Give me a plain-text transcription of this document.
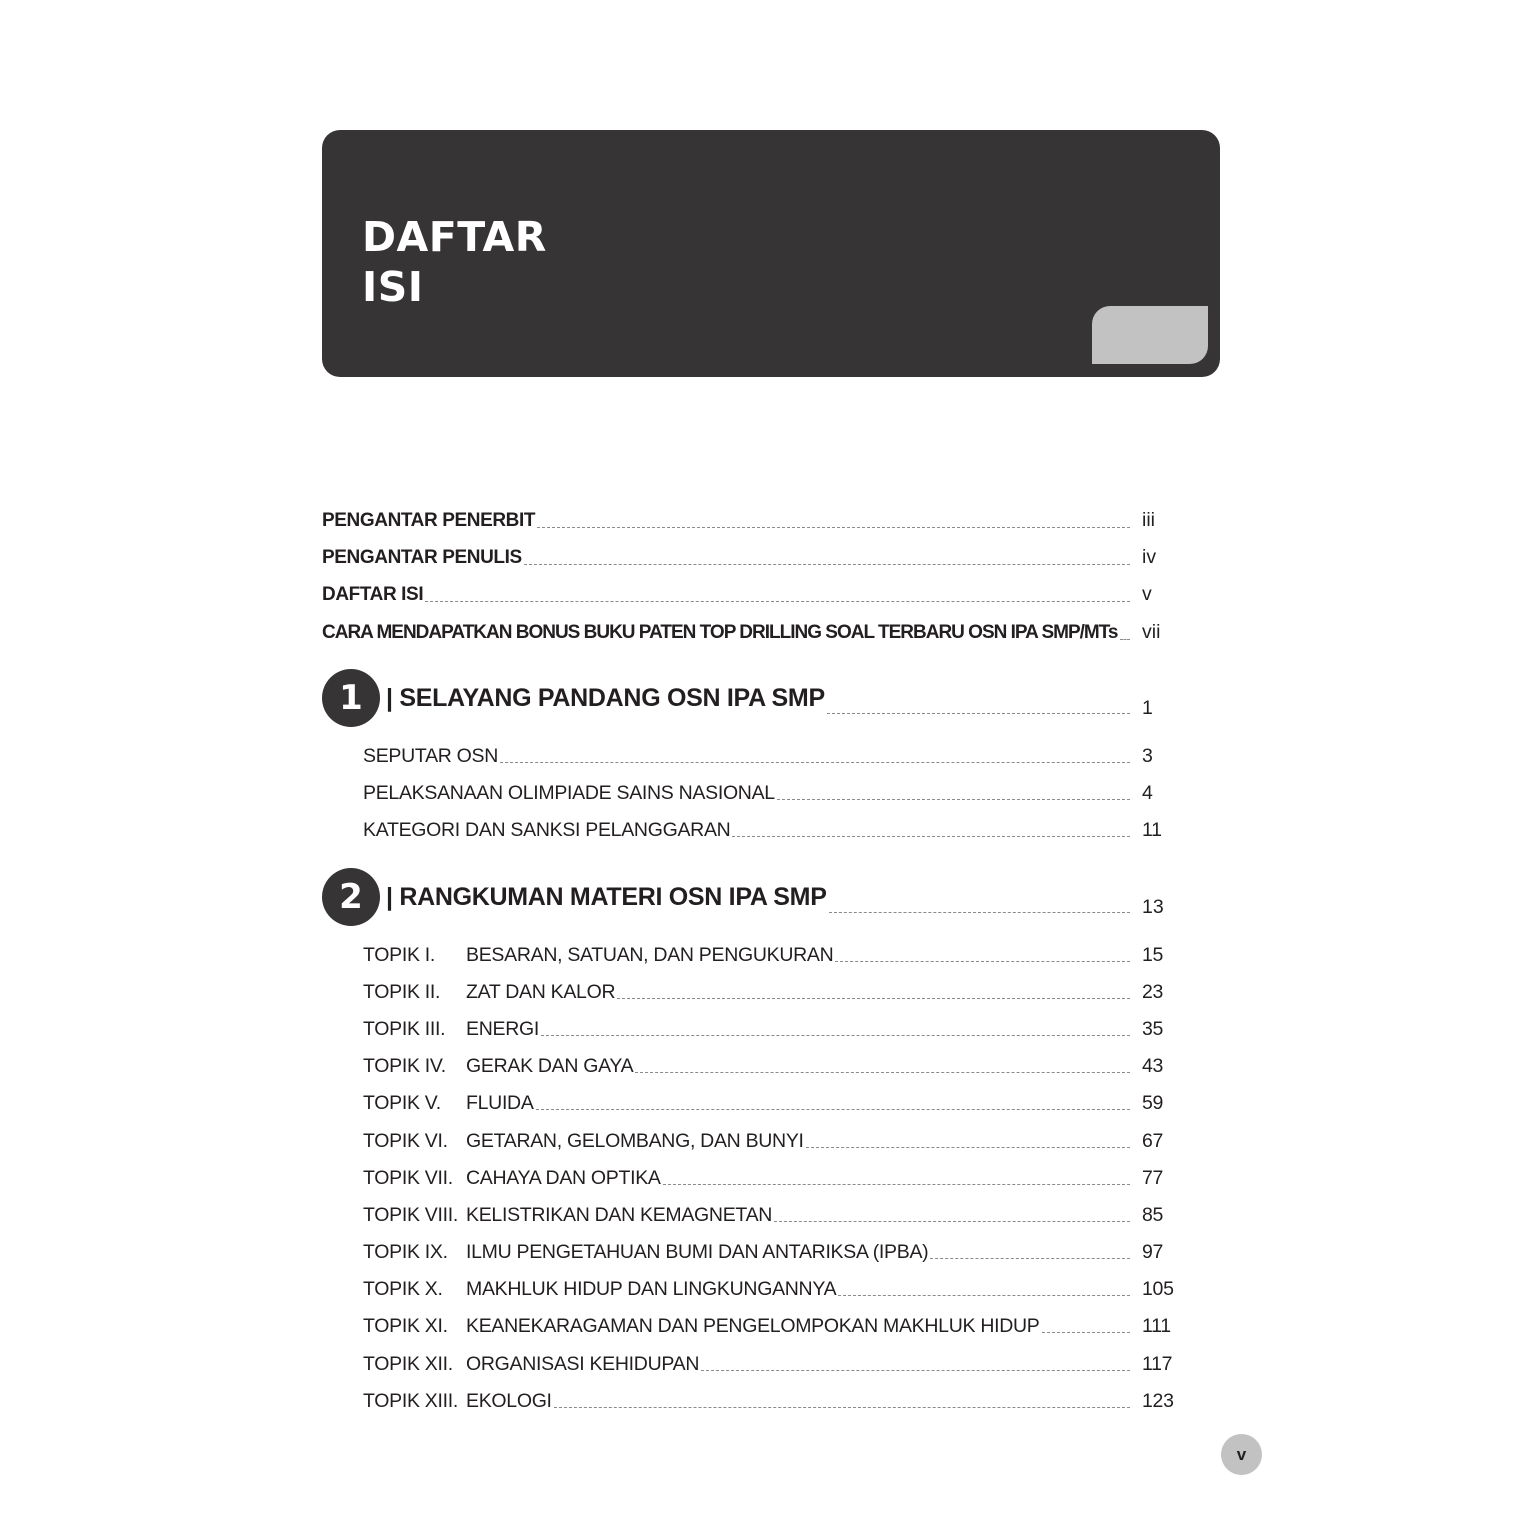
DAFTAR
ISI
PENGANTAR PENERBIT	iii
PENGANTAR PENULIS	iv
DAFTAR ISI	v
CARA MENDAPATKAN BONUS BUKU PATEN TOP DRILLING SOAL TERBARU OSN IPA SMP/MTs vii
1 | SELAYANG PANDANG OSN IPA SMP	1
SEPUTAR OSN	3
PELAKSANAAN OLIMPIADE SAINS NASIONAL	4
KATEGORI DAN SANKSI PELANGGARAN	11
2 | RANGKUMAN MATERI OSN IPA SMP	13
TOPIK I.	BESARAN, SATUAN, DAN PENGUKURAN	15
TOPIK II.	ZAT DAN KALOR	23
TOPIK III.	ENERGI	35
TOPIK IV.	GERAK DAN GAYA	43
TOPIK V.	FLUIDA	59
TOPIK VI. GETARAN, GELOMBANG, DAN BUNYI	67
TOPIK VII. CAHAYA DAN OPTIKA	77
TOPIK VIII. KELISTRIKAN DAN KEMAGNETAN	85
TOPIK IX. ILMU PENGETAHUAN BUMI DAN ANTARIKSA (IPBA)	97
TOPIK X.	MAKHLUK HIDUP DAN LINGKUNGANNYA	105
TOPIK XI. KEANEKARAGAMAN DAN PENGELOMPOKAN MAKHLUK HIDUP	111
TOPIK XII. ORGANISASI KEHIDUPAN	117
TOPIK XIII. EKOLOGI	123
v
